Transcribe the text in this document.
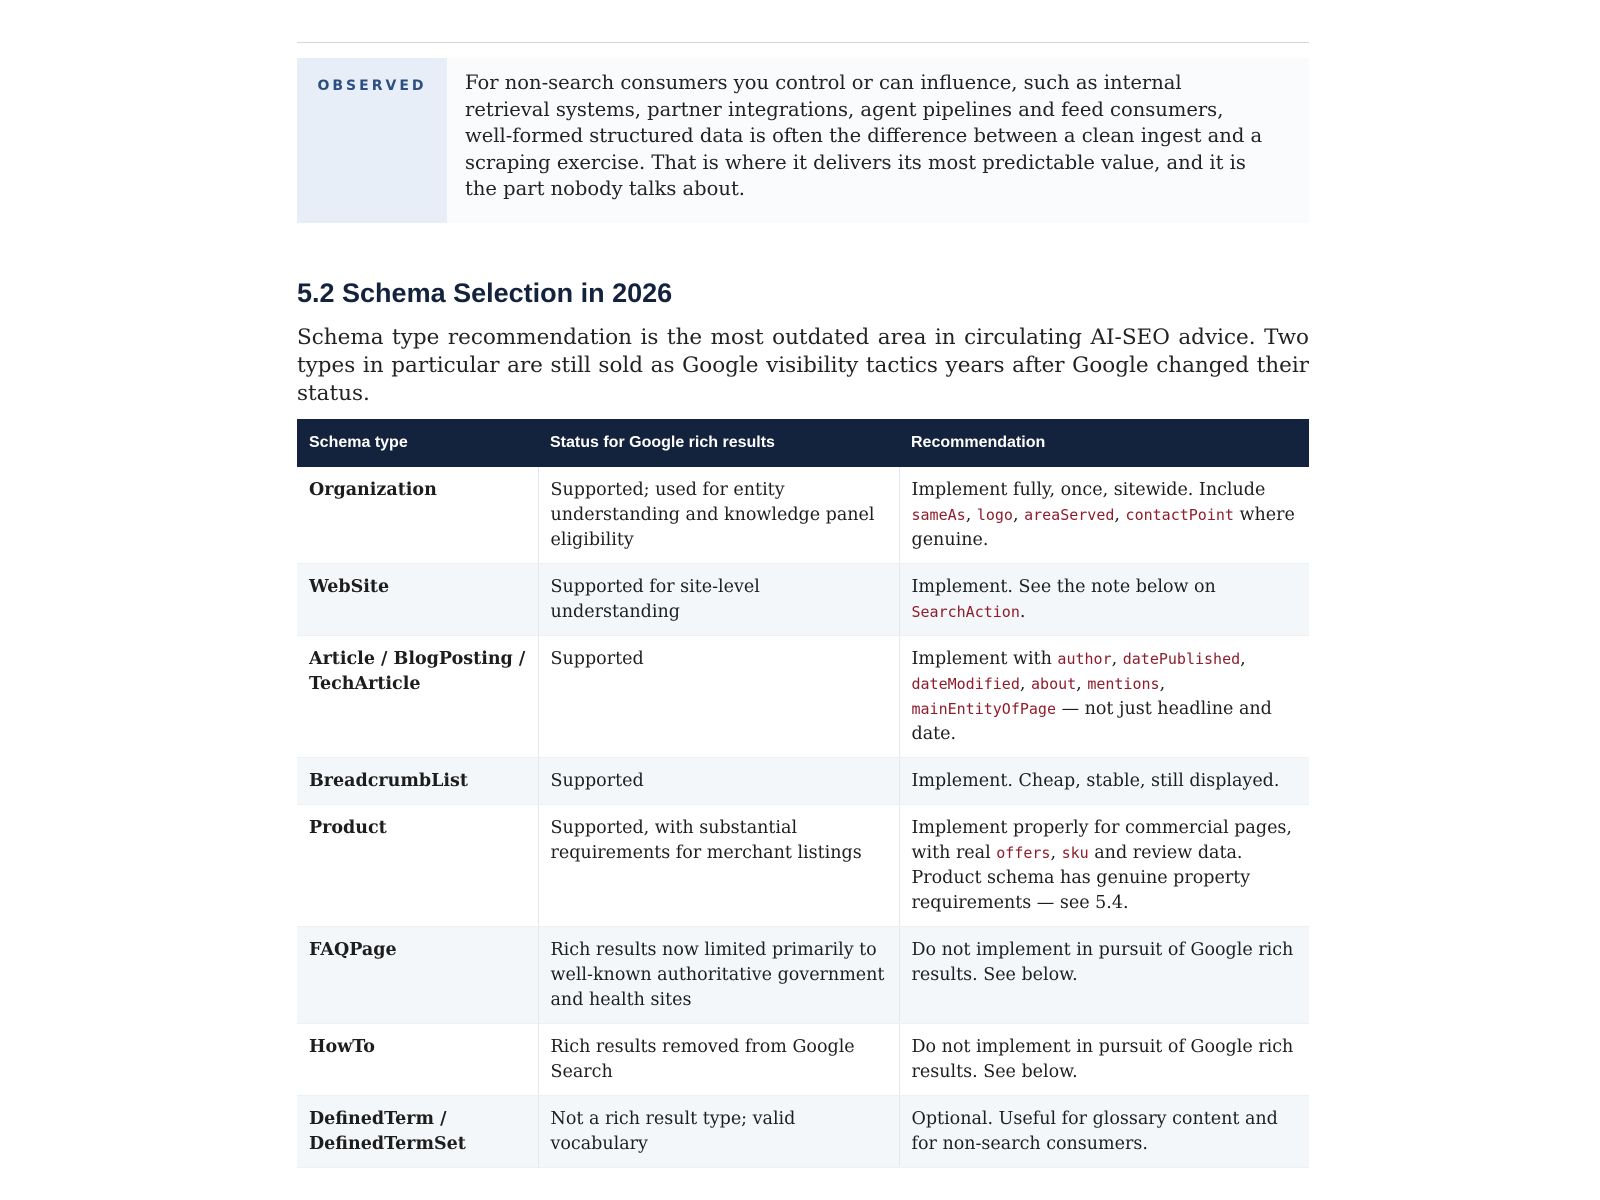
OBSERVED	For non-search consumers you control or can influence, such as internal retrieval systems, partner integrations, agent pipelines and feed consumers, well-formed structured data is often the difference between a clean ingest and a scraping exercise. That is where it delivers its most predictable value, and it is the part nobody talks about.
5.2 Schema Selection in 2026

Schema type recommendation is the most outdated area in circulating AI-SEO advice. Two types in particular are still sold as Google visibility tactics years after Google changed their status.

Schema type	Status for Google rich results	Recommendation
Organization	Supported; used for entity understanding and knowledge panel eligibility	Implement fully, once, sitewide. Include sameAs, logo, areaServed, contactPoint where genuine.
WebSite	Supported for site-level understanding	Implement. See the note below on SearchAction.
Article / BlogPosting / TechArticle	Supported	Implement with author, datePublished, dateModified, about, mentions, mainEntityOfPage — not just headline and date.
BreadcrumbList	Supported	Implement. Cheap, stable, still displayed.
Product	Supported, with substantial requirements for merchant listings	Implement properly for commercial pages, with real offers, sku and review data. Product schema has genuine property requirements — see 5.4.
FAQPage	Rich results now limited primarily to well-known authoritative government and health sites	Do not implement in pursuit of Google rich results. See below.
HowTo	Rich results removed from Google Search	Do not implement in pursuit of Google rich results. See below.
DefinedTerm / DefinedTermSet	Not a rich result type; valid vocabulary	Optional. Useful for glossary content and for non-search consumers.
